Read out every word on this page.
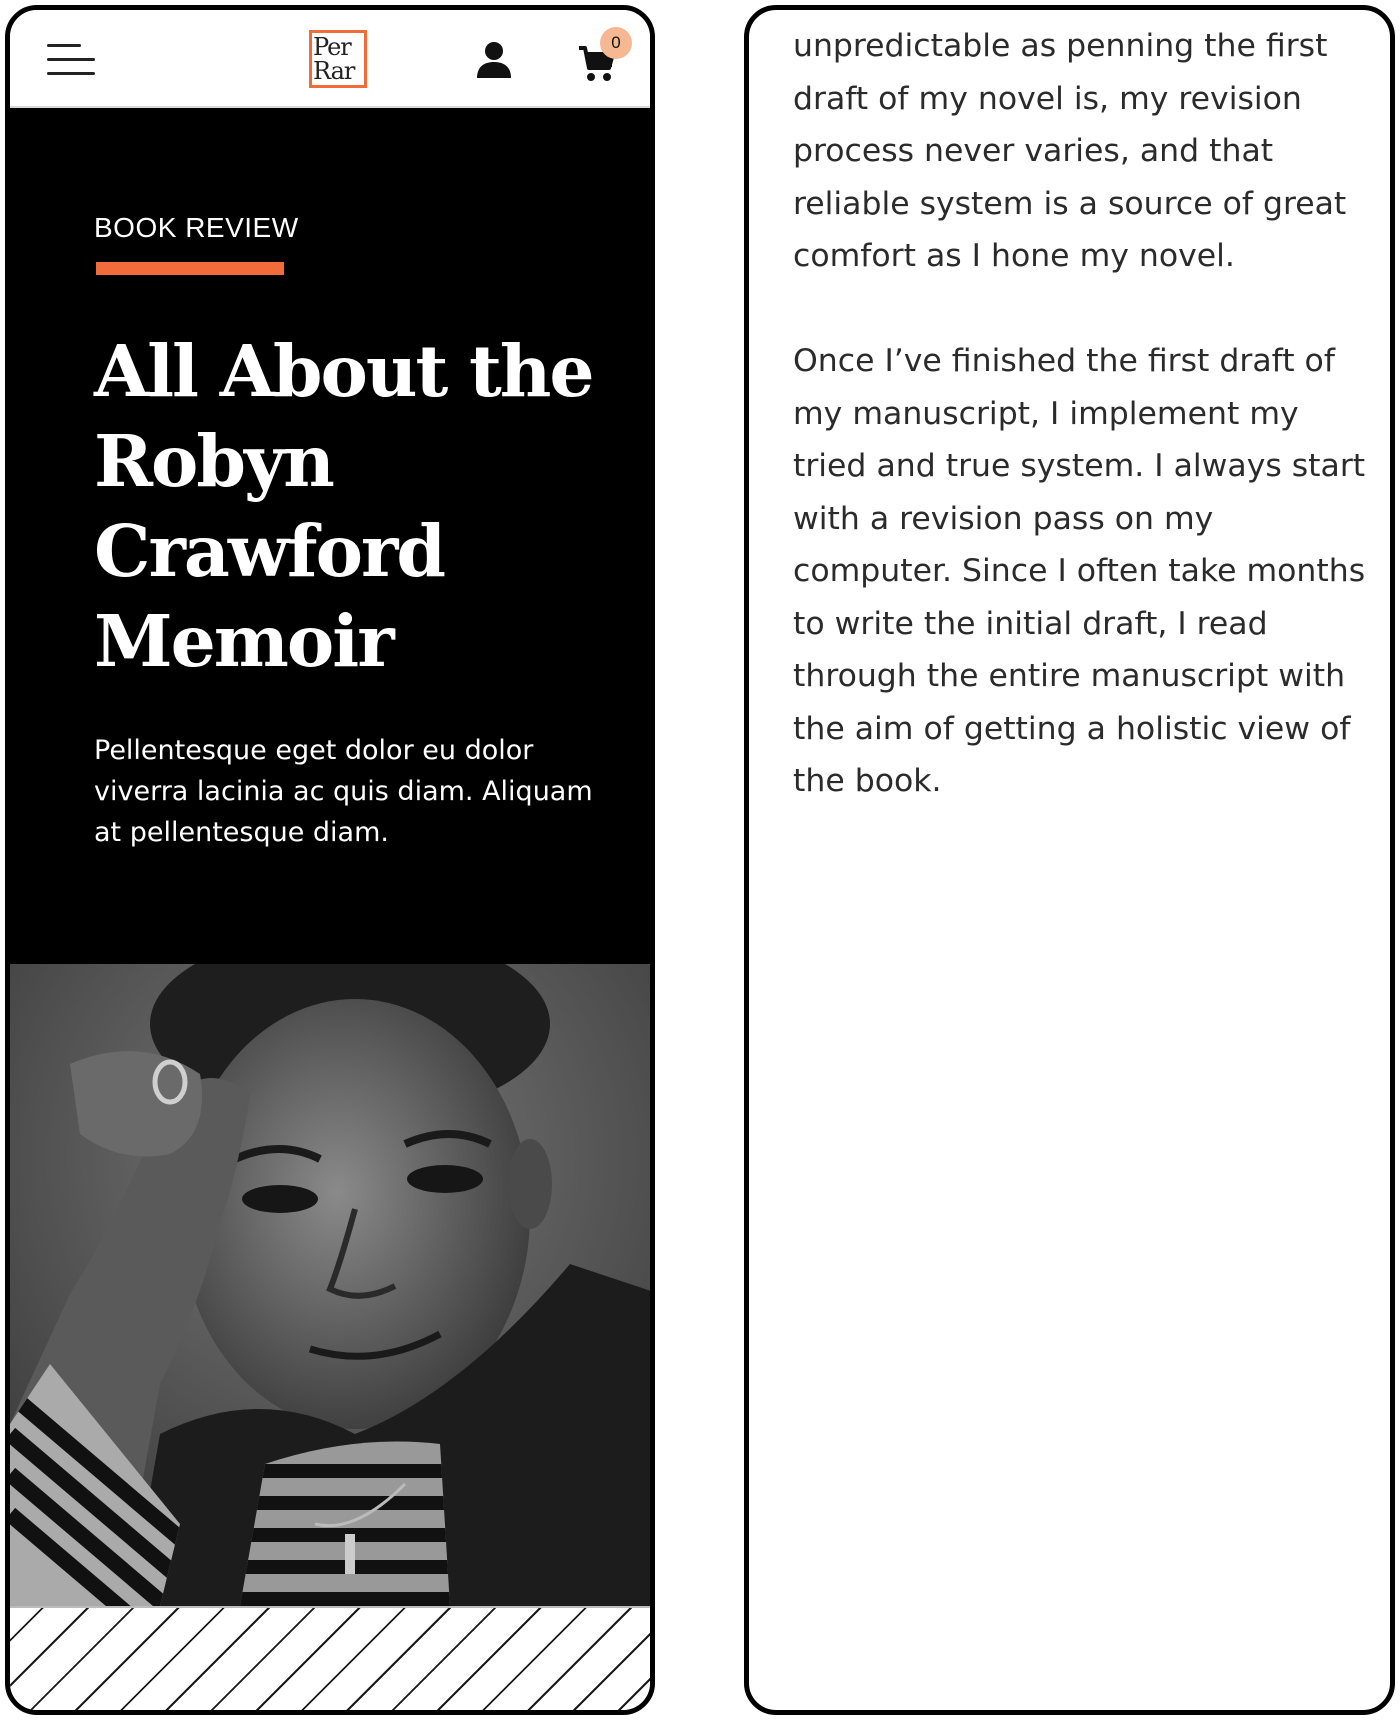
Per
Rar
0
BOOK REVIEW
All About the Robyn Crawford Memoir

Pellentesque eget dolor eu dolor viverra lacinia ac quis diam. Aliquam at pellentesque diam.

unpredictable as penning the first draft of my novel is, my revision process never varies, and that reliable system is a source of great comfort as I hone my novel.

Once I’ve finished the first draft of my manuscript, I implement my tried and true system. I always start with a revision pass on my computer. Since I often take months to write the initial draft, I read through the entire manuscript with the aim of getting a holistic view of the book.
